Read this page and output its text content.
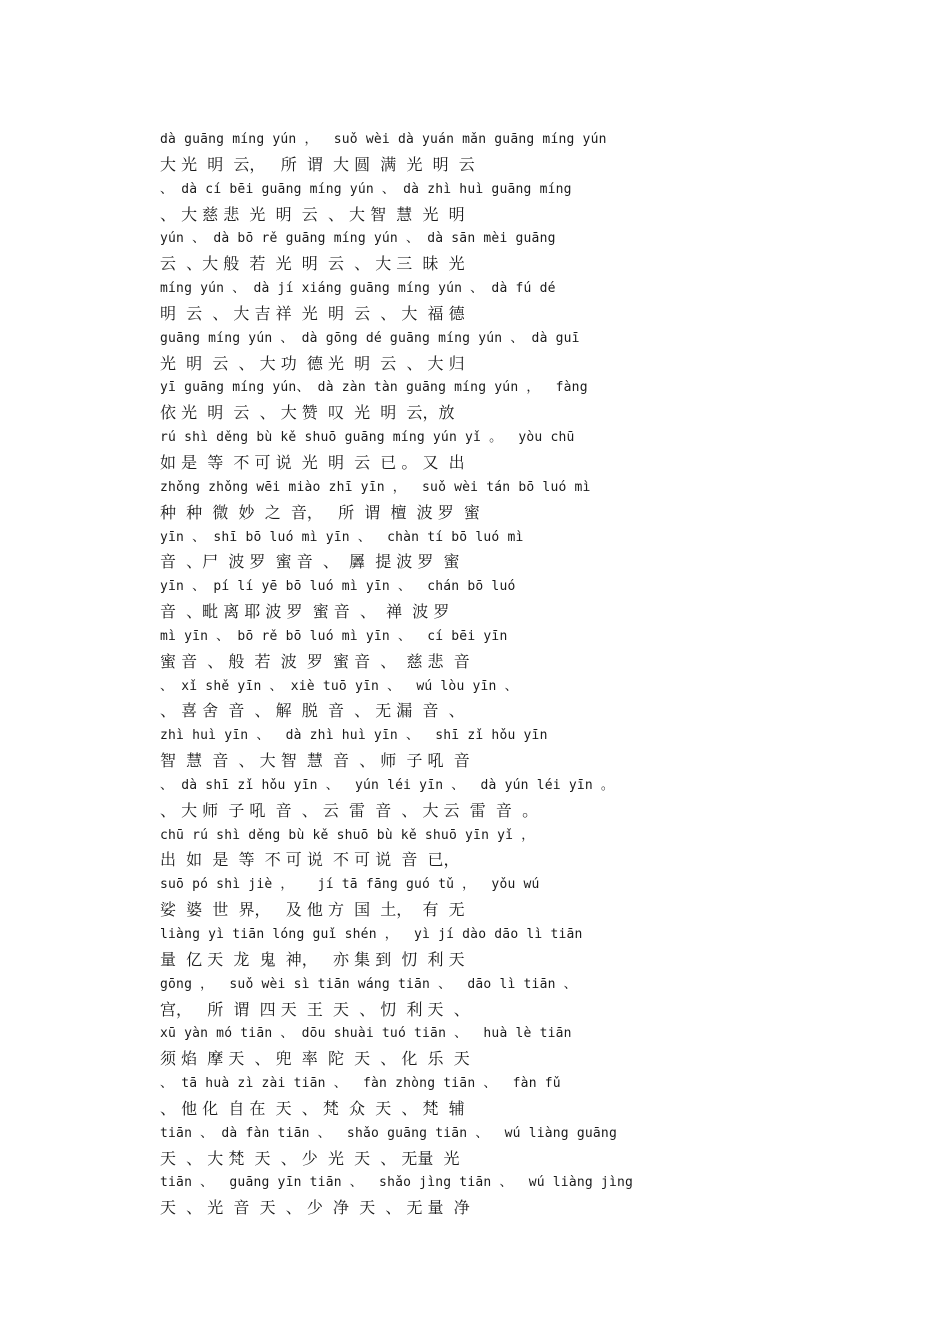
dà guāng míng yún ，  suǒ wèi dà yuán mǎn guāng míng yún
大 光  明  云，   所  谓  大 圆  满  光  明  云
、 dà cí bēi guāng míng yún 、 dà zhì huì guāng míng
、 大 慈 悲  光  明  云  、 大 智  慧  光  明
yún 、 dà bō rě guāng míng yún 、 dà sān mèi guāng
云  、大 般  若  光  明  云  、 大 三  昧  光
míng yún 、 dà jí xiáng guāng míng yún 、 dà fú dé
明  云  、 大 吉 祥  光  明  云  、 大  福 德
guāng míng yún 、 dà gōng dé guāng míng yún 、 dà guī
光  明  云  、 大 功  德 光  明  云  、 大 归
yī guāng míng yún、 dà zàn tàn guāng míng yún ，  fàng
依 光  明  云  、 大 赞  叹  光  明  云，放
rú shì děng bù kě shuō guāng míng yún yǐ 。  yòu chū
如 是  等  不 可 说  光  明  云  已 。 又  出
zhǒng zhǒng wēi miào zhī yīn ，  suǒ wèi tán bō luó mì
种  种  微  妙  之  音，   所  谓  檀  波 罗  蜜
yīn 、 shī bō luó mì yīn 、  chàn tí bō luó mì
音  、尸  波 罗  蜜 音  、  羼  提 波 罗  蜜
yīn 、 pí lí yē bō luó mì yīn 、  chán bō luó
音  、毗 离 耶 波 罗  蜜 音  、  禅  波 罗
mì yīn 、 bō rě bō luó mì yīn 、  cí bēi yīn
蜜 音  、 般  若  波  罗  蜜 音  、  慈 悲  音
、 xǐ shě yīn 、 xiè tuō yīn 、  wú lòu yīn 、
、 喜 舍  音  、 解  脱  音  、 无 漏  音  、
zhì huì yīn 、  dà zhì huì yīn 、  shī zǐ hǒu yīn
智  慧  音  、 大 智  慧  音  、 师  子 吼  音
、 dà shī zǐ hǒu yīn 、  yún léi yīn 、  dà yún léi yīn 。
、 大 师  子 吼  音  、 云  雷  音  、 大 云  雷  音  。
chū rú shì děng bù kě shuō bù kě shuō yīn yǐ ，
出  如  是  等  不 可 说  不 可 说  音  已，
suō pó shì jiè ，   jí tā fāng guó tǔ ，  yǒu wú
娑  婆  世  界，   及 他 方  国  土，  有  无
liàng yì tiān lóng guǐ shén ，  yì jí dào dāo lì tiān
量  亿 天  龙  鬼  神，   亦 集 到  忉  利 天
gōng ，  suǒ wèi sì tiān wáng tiān 、  dāo lì tiān 、
宫，   所  谓  四 天  王  天  、 忉  利 天  、
xū yàn mó tiān 、 dōu shuài tuó tiān 、  huà lè tiān
须 焰  摩 天  、 兜  率  陀  天  、 化  乐  天
、 tā huà zì zài tiān 、  fàn zhòng tiān 、  fàn fǔ
、 他 化  自 在  天  、 梵  众  天  、 梵  辅
tiān 、 dà fàn tiān 、  shǎo guāng tiān 、  wú liàng guāng
天  、 大 梵  天  、 少  光  天  、 无量  光
tiān 、  guāng yīn tiān 、  shǎo jìng tiān 、  wú liàng jìng
天  、 光  音  天  、 少  净  天  、 无 量  净
